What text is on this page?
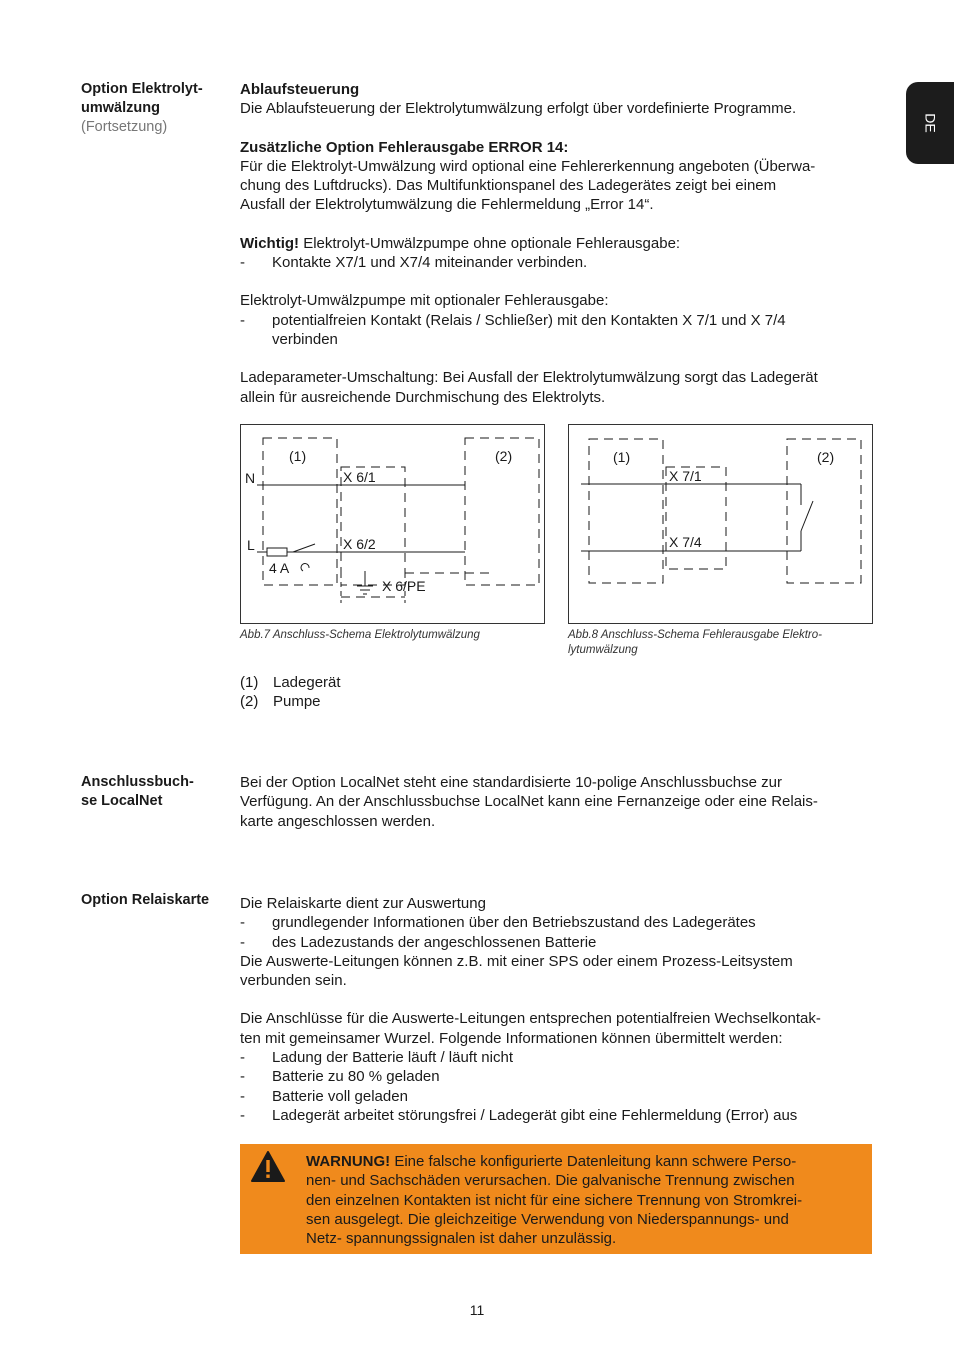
DE
Option Elektrolyt-
umwälzung
(Fortsetzung)

Ablaufsteuerung

Die Ablaufsteuerung der Elektrolytumwälzung erfolgt über vordefinierte Programme.

Zusätzliche Option Fehlerausgabe ERROR 14:

Für die Elektrolyt-Umwälzung wird optional eine Fehlererkennung angeboten (Überwa-

chung des Luftdrucks). Das Multifunktionspanel des Ladegerätes zeigt bei einem

Ausfall der Elektrolytumwälzung die Fehlermeldung „Error 14“.

Wichtig! Elektrolyt-Umwälzpumpe ohne optionale Fehlerausgabe:

- Kontakte X7/1 und X7/4 miteinander verbinden.

Elektrolyt-Umwälzpumpe mit optionaler Fehlerausgabe:

- potentialfreien Kontakt (Relais / Schließer) mit den Kontakten X 7/1 und X 7/4

verbinden

Ladeparameter-Umschaltung: Bei Ausfall der Elektrolytumwälzung sorgt das Ladegerät

allein für ausreichende Durchmischung des Elektrolyts.

(1)	(2)
N
L
X 6/1
X 6/2
X 6/PE
4 A
Abb.7 Anschluss-Schema Elektrolytumwälzung
(1)	(2)
X 7/1
X 7/4
Abb.8 Anschluss-Schema Fehlerausgabe Elektro-
lytumwälzung
(1) Ladegerät
(2) Pumpe
Anschlussbuch-
se LocalNet

Bei der Option LocalNet steht eine standardisierte 10-polige Anschlussbuchse zur

Verfügung. An der Anschlussbuchse LocalNet kann eine Fernanzeige oder eine Relais-

karte angeschlossen werden.

Option Relaiskarte	Die Relaiskarte dient zur Auswertung

- grundlegender Informationen über den Betriebszustand des Ladegerätes

- des Ladezustands der angeschlossenen Batterie

Die Auswerte-Leitungen können z.B. mit einer SPS oder einem Prozess-Leitsystem

verbunden sein.

Die Anschlüsse für die Auswerte-Leitungen entsprechen potentialfreien Wechselkontak-

ten mit gemeinsamer Wurzel. Folgende Informationen können übermittelt werden:

- Ladung der Batterie läuft / läuft nicht

- Batterie zu 80 % geladen

- Batterie voll geladen

- Ladegerät arbeitet störungsfrei / Ladegerät gibt eine Fehlermeldung (Error) aus

WARNUNG! Eine falsche konfigurierte Datenleitung kann schwere Perso-

nen- und Sachschäden verursachen. Die galvanische Trennung zwischen

den einzelnen Kontakten ist nicht für eine sichere Trennung von Stromkrei-

sen ausgelegt. Die gleichzeitige Verwendung von Niederspannungs- und

Netz- spannungssignalen ist daher unzulässig.

11
